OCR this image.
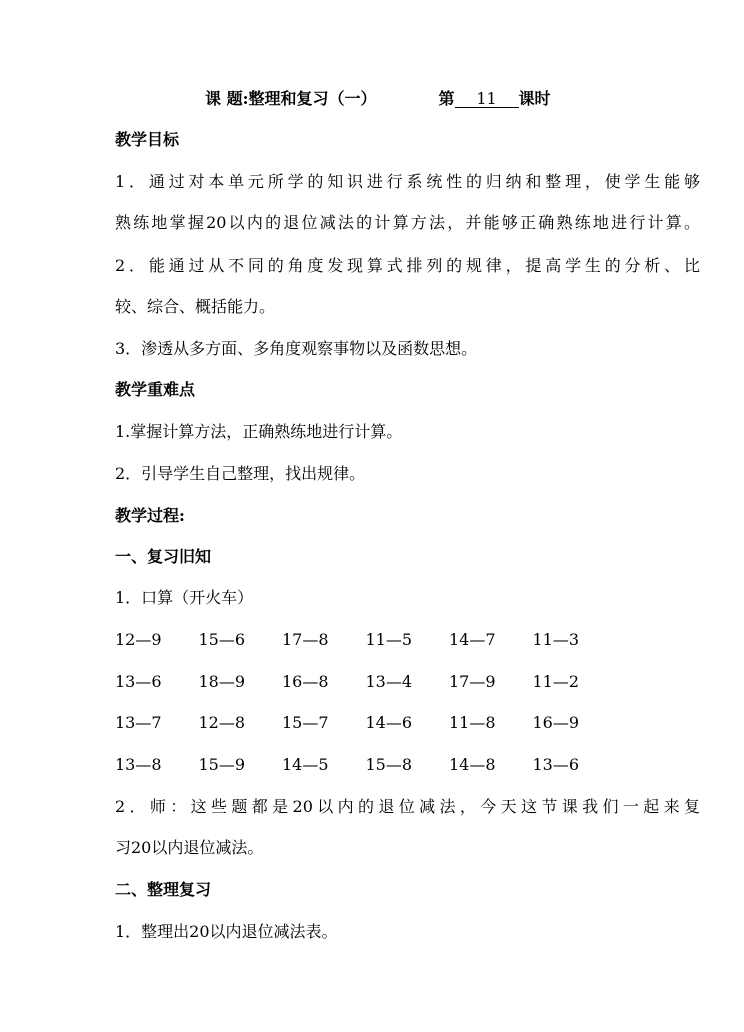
课 题:整理和复习（一）	第 11 课时
教学目标
1．通过对本单元所学的知识进行系统性的归纳和整理，使学生能够
熟练地掌握20以内的退位减法的计算方法，并能够正确熟练地进行计算。
2．能通过从不同的角度发现算式排列的规律，提高学生的分析、比
较、综合、概括能力。
3．渗透从多方面、多角度观察事物以及函数思想。
教学重难点
1.掌握计算方法，正确熟练地进行计算。
2．引导学生自己整理，找出规律。
教学过程:
一、复习旧知
1．口算（开火车）
12—9 15—6 17—8 11—5 14—7 11—3
13—6 18—9 16—8 13—4 17—9 11—2
13—7 12—8 15—7 14—6 11—8 16—9
13—8 15—9 14—5 15—8 14—8 13—6
2．师：这些题都是20以内的退位减法，今天这节课我们一起来复
习20以内退位减法。
二、整理复习
1．整理出20以内退位减法表。
